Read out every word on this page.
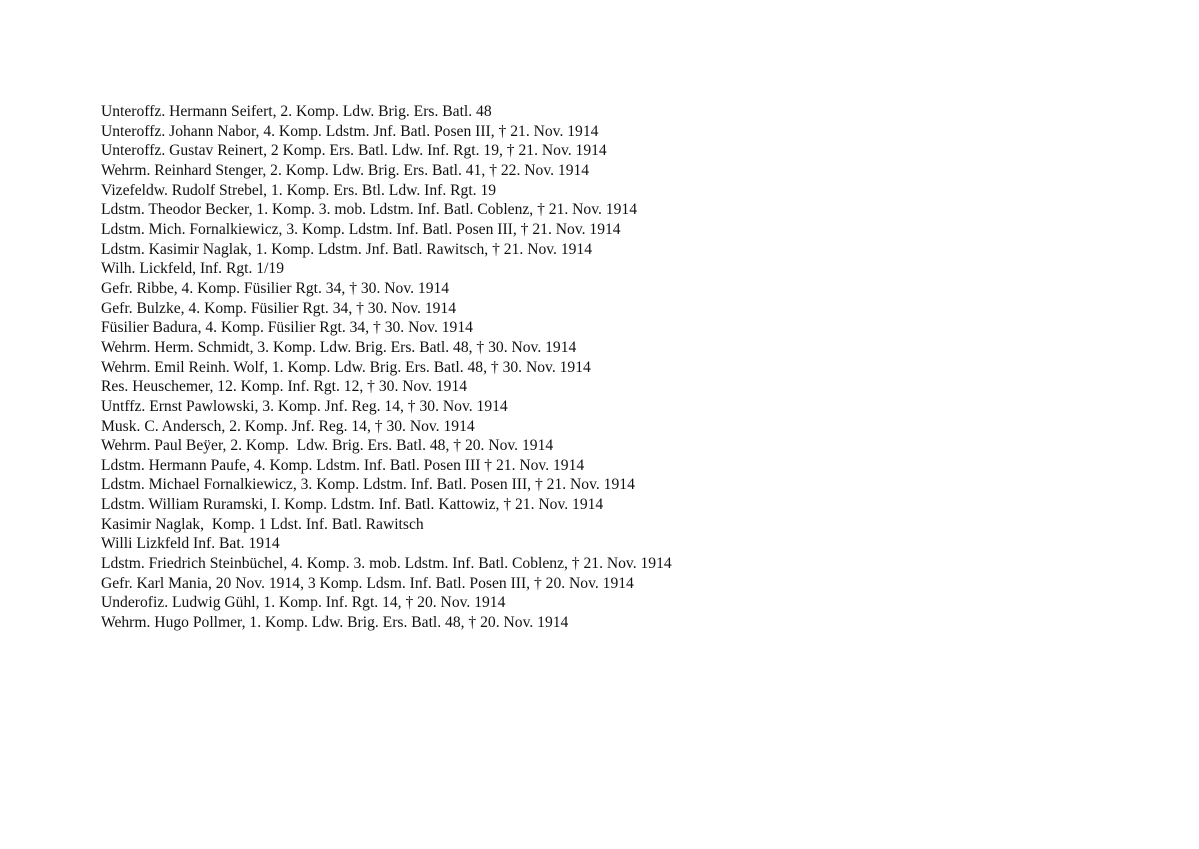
Unteroffz. Hermann Seifert, 2. Komp. Ldw. Brig. Ers. Batl. 48
Unteroffz. Johann Nabor, 4. Komp. Ldstm. Jnf. Batl. Posen III, † 21. Nov. 1914
Unteroffz. Gustav Reinert, 2 Komp. Ers. Batl. Ldw. Inf. Rgt. 19, † 21. Nov. 1914
Wehrm. Reinhard Stenger, 2. Komp. Ldw. Brig. Ers. Batl. 41, † 22. Nov. 1914
Vizefeldw. Rudolf Strebel, 1. Komp. Ers. Btl. Ldw. Inf. Rgt. 19
Ldstm. Theodor Becker, 1. Komp. 3. mob. Ldstm. Inf. Batl. Coblenz, † 21. Nov. 1914
Ldstm. Mich. Fornalkiewicz, 3. Komp. Ldstm. Inf. Batl. Posen III, † 21. Nov. 1914
Ldstm. Kasimir Naglak, 1. Komp. Ldstm. Jnf. Batl. Rawitsch, † 21. Nov. 1914
Wilh. Lickfeld, Inf. Rgt. 1/19
Gefr. Ribbe, 4. Komp. Füsilier Rgt. 34, † 30. Nov. 1914
Gefr. Bulzke, 4. Komp. Füsilier Rgt. 34, † 30. Nov. 1914
Füsilier Badura, 4. Komp. Füsilier Rgt. 34, † 30. Nov. 1914
Wehrm. Herm. Schmidt, 3. Komp. Ldw. Brig. Ers. Batl. 48, † 30. Nov. 1914
Wehrm. Emil Reinh. Wolf, 1. Komp. Ldw. Brig. Ers. Batl. 48, † 30. Nov. 1914
Res. Heuschemer, 12. Komp. Inf. Rgt. 12, † 30. Nov. 1914
Untffz. Ernst Pawlowski, 3. Komp. Jnf. Reg. 14, † 30. Nov. 1914
Musk. C. Andersch, 2. Komp. Jnf. Reg. 14, † 30. Nov. 1914
Wehrm. Paul Beÿer, 2. Komp.  Ldw. Brig. Ers. Batl. 48, † 20. Nov. 1914
Ldstm. Hermann Paufe, 4. Komp. Ldstm. Inf. Batl. Posen III † 21. Nov. 1914
Ldstm. Michael Fornalkiewicz, 3. Komp. Ldstm. Inf. Batl. Posen III, † 21. Nov. 1914
Ldstm. William Ruramski, I. Komp. Ldstm. Inf. Batl. Kattowiz, † 21. Nov. 1914
Kasimir Naglak,  Komp. 1 Ldst. Inf. Batl. Rawitsch
Willi Lizkfeld Inf. Bat. 1914
Ldstm. Friedrich Steinbüchel, 4. Komp. 3. mob. Ldstm. Inf. Batl. Coblenz, † 21. Nov. 1914
Gefr. Karl Mania, 20 Nov. 1914, 3 Komp. Ldsm. Inf. Batl. Posen III, † 20. Nov. 1914
Underofiz. Ludwig Gühl, 1. Komp. Inf. Rgt. 14, † 20. Nov. 1914
Wehrm. Hugo Pollmer, 1. Komp. Ldw. Brig. Ers. Batl. 48, † 20. Nov. 1914
